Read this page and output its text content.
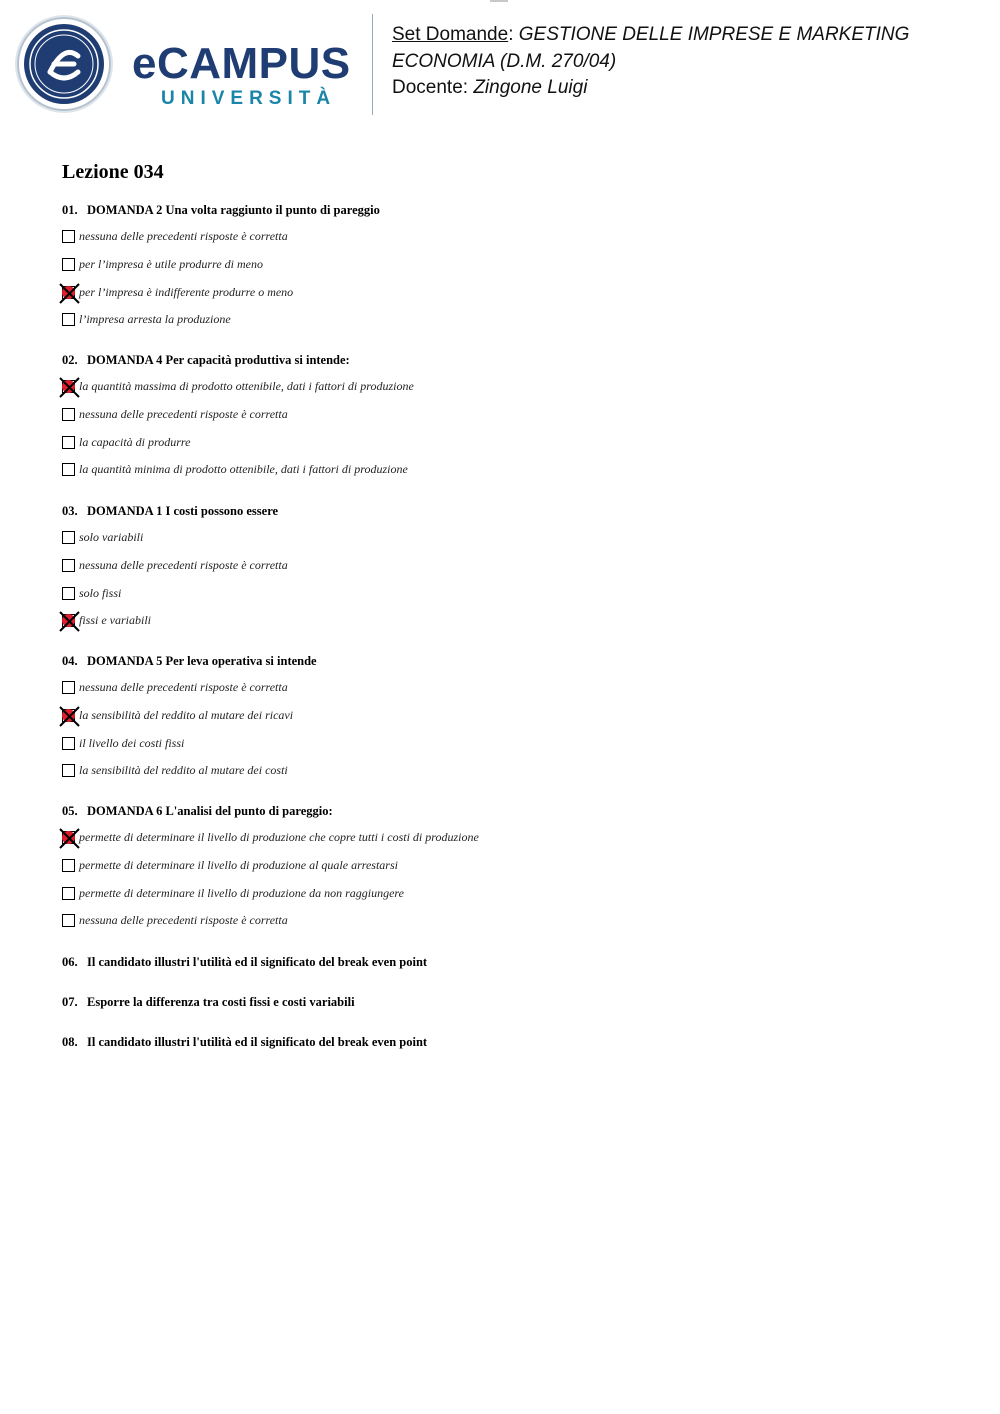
eCAMPUS
UNIVERSITÀ
Set Domande: GESTIONE DELLE IMPRESE E MARKETING
ECONOMIA (D.M. 270/04)
Docente: Zingone Luigi
Lezione 034
01. DOMANDA 2 Una volta raggiunto il punto di pareggio
nessuna delle precedenti risposte è corretta
per l’impresa è utile produrre di meno
per l’impresa è indifferente produrre o meno
l’impresa arresta la produzione
02. DOMANDA 4 Per capacità produttiva si intende:
la quantità massima di prodotto ottenibile, dati i fattori di produzione
nessuna delle precedenti risposte è corretta
la capacità di produrre
la quantità minima di prodotto ottenibile, dati i fattori di produzione
03. DOMANDA 1 I costi possono essere
solo variabili
nessuna delle precedenti risposte è corretta
solo fissi
fissi e variabili
04. DOMANDA 5 Per leva operativa si intende
nessuna delle precedenti risposte è corretta
la sensibilità del reddito al mutare dei ricavi
il livello dei costi fissi
la sensibilità del reddito al mutare dei costi
05. DOMANDA 6 L'analisi del punto di pareggio:
permette di determinare il livello di produzione che copre tutti i costi di produzione
permette di determinare il livello di produzione al quale arrestarsi
permette di determinare il livello di produzione da non raggiungere
nessuna delle precedenti risposte è corretta
06. Il candidato illustri l'utilità ed il significato del break even point
07. Esporre la differenza tra costi fissi e costi variabili
08. Il candidato illustri l'utilità ed il significato del break even point
